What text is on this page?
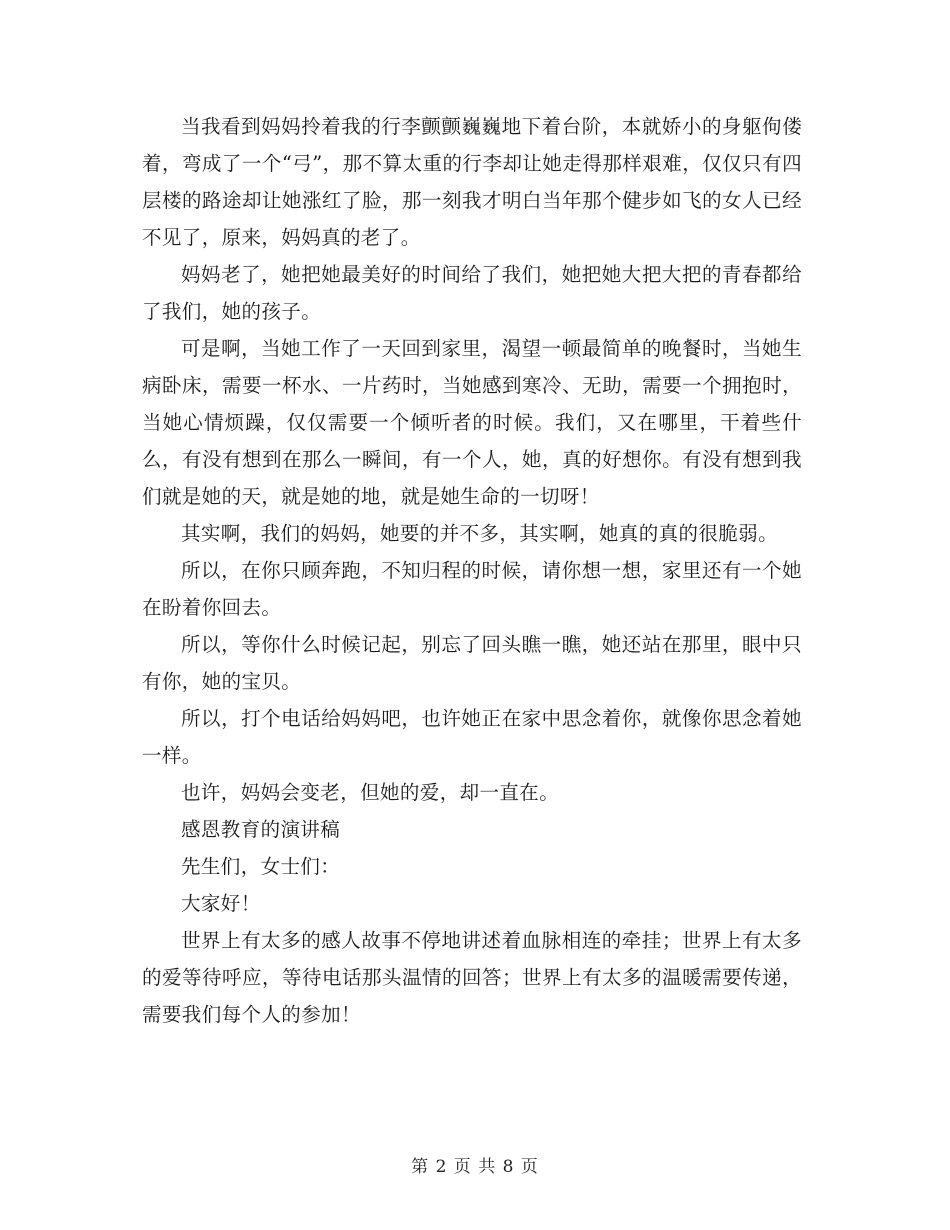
当我看到妈妈拎着我的行李颤颤巍巍地下着台阶，本就娇小的身躯佝偻着，弯成了一个“弓”，那不算太重的行李却让她走得那样艰难，仅仅只有四层楼的路途却让她涨红了脸，那一刻我才明白当年那个健步如飞的女人已经不见了，原来，妈妈真的老了。

妈妈老了，她把她最美好的时间给了我们，她把她大把大把的青春都给了我们，她的孩子。

可是啊，当她工作了一天回到家里，渴望一顿最简单的晚餐时，当她生病卧床，需要一杯水、一片药时，当她感到寒冷、无助，需要一个拥抱时，当她心情烦躁，仅仅需要一个倾听者的时候。我们，又在哪里，干着些什么，有没有想到在那么一瞬间，有一个人，她，真的好想你。有没有想到我们就是她的天，就是她的地，就是她生命的一切呀！

其实啊，我们的妈妈，她要的并不多，其实啊，她真的真的很脆弱。

所以，在你只顾奔跑，不知归程的时候，请你想一想，家里还有一个她在盼着你回去。

所以，等你什么时候记起，别忘了回头瞧一瞧，她还站在那里，眼中只有你，她的宝贝。

所以，打个电话给妈妈吧，也许她正在家中思念着你，就像你思念着她一样。

也许，妈妈会变老，但她的爱，却一直在。

感恩教育的演讲稿

先生们，女士们：

大家好！

世界上有太多的感人故事不停地讲述着血脉相连的牵挂；世界上有太多的爱等待呼应，等待电话那头温情的回答；世界上有太多的温暖需要传递，需要我们每个人的参加！

第 2 页 共 8 页
